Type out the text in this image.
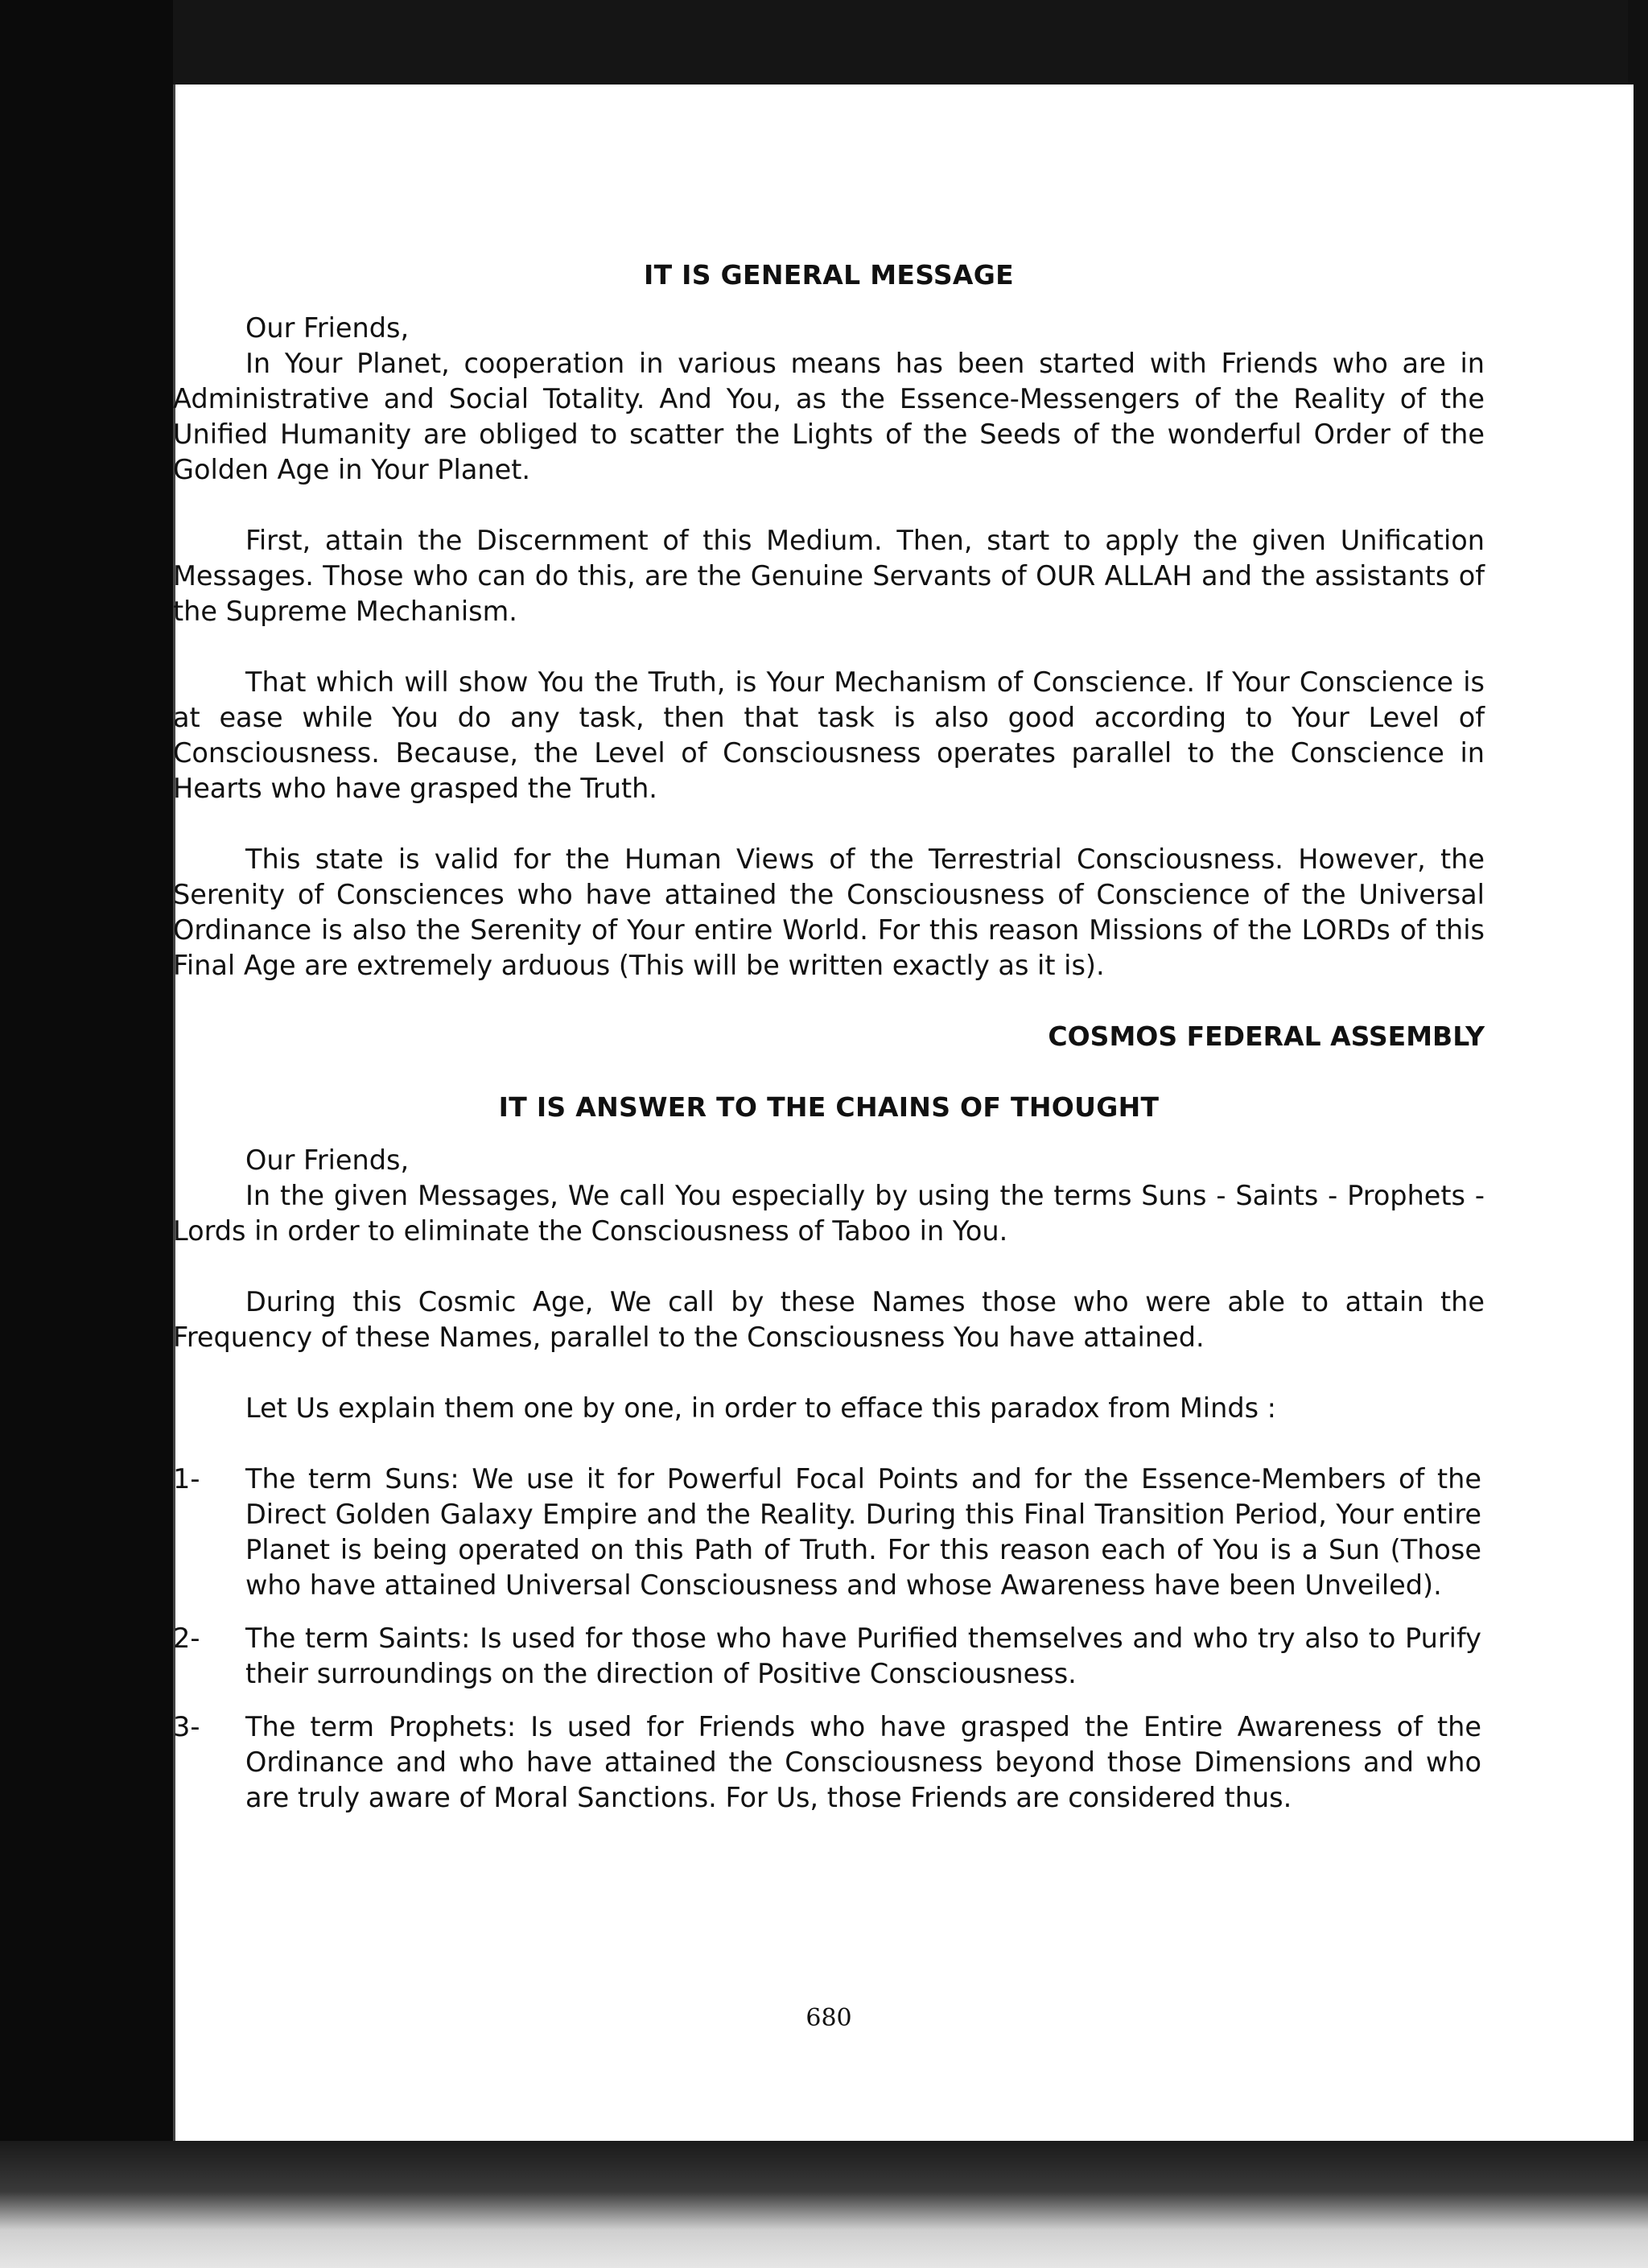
IT IS GENERAL MESSAGE
Our Friends,

In Your Planet, cooperation in various means has been started with Friends who are in Administrative and Social Totality. And You, as the Essence-Messengers of the Reality of the Unified Humanity are obliged to scatter the Lights of the Seeds of the wonderful Order of the Golden Age in Your Planet.

First, attain the Discernment of this Medium. Then, start to apply the given Unification Messages. Those who can do this, are the Genuine Servants of OUR ALLAH and the assistants of the Supreme Mechanism.

That which will show You the Truth, is Your Mechanism of Conscience. If Your Conscience is at ease while You do any task, then that task is also good according to Your Level of Consciousness. Because, the Level of Consciousness operates parallel to the Conscience in Hearts who have grasped the Truth.

This state is valid for the Human Views of the Terrestrial Consciousness. However, the Serenity of Consciences who have attained the Consciousness of Conscience of the Universal Ordinance is also the Serenity of Your entire World. For this reason Missions of the LORDs of this Final Age are extremely arduous (This will be written exactly as it is).

COSMOS FEDERAL ASSEMBLY
IT IS ANSWER TO THE CHAINS OF THOUGHT
Our Friends,

In the given Messages, We call You especially by using the terms Suns - Saints - Prophets - Lords in order to eliminate the Consciousness of Taboo in You.

During this Cosmic Age, We call by these Names those who were able to attain the Frequency of these Names, parallel to the Consciousness You have attained.

Let Us explain them one by one, in order to efface this paradox from Minds :

1-	The term Suns: We use it for Powerful Focal Points and for the Essence-Members of the Direct Golden Galaxy Empire and the Reality. During this Final Transition Period, Your entire Planet is being operated on this Path of Truth. For this reason each of You is a Sun (Those who have attained Universal Consciousness and whose Awareness have been Unveiled).

2-	The term Saints: Is used for those who have Purified themselves and who try also to Purify their surroundings on the direction of Positive Consciousness.

3-	The term Prophets: Is used for Friends who have grasped the Entire Awareness of the Ordinance and who have attained the Consciousness beyond those Dimensions and who are truly aware of Moral Sanctions. For Us, those Friends are considered thus.

680
